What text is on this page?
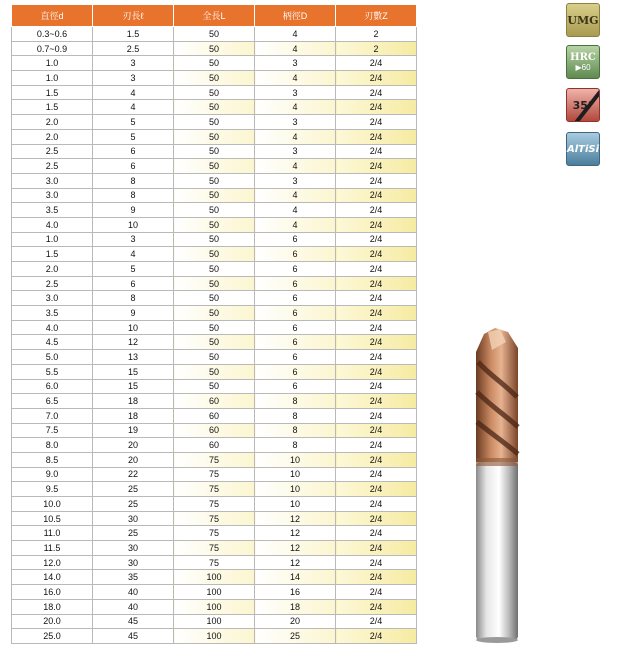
直徑d	刃長ℓ	全長L	柄徑D	刃數Z
0.3~0.6	1.5	50	4	2
0.7~0.9	2.5	50	4	2
1.0	3	50	3	2/4
1.0	3	50	4	2/4
1.5	4	50	3	2/4
1.5	4	50	4	2/4
2.0	5	50	3	2/4
2.0	5	50	4	2/4
2.5	6	50	3	2/4
2.5	6	50	4	2/4
3.0	8	50	3	2/4
3.0	8	50	4	2/4
3.5	9	50	4	2/4
4.0	10	50	4	2/4
1.0	3	50	6	2/4
1.5	4	50	6	2/4
2.0	5	50	6	2/4
2.5	6	50	6	2/4
3.0	8	50	6	2/4
3.5	9	50	6	2/4
4.0	10	50	6	2/4
4.5	12	50	6	2/4
5.0	13	50	6	2/4
5.5	15	50	6	2/4
6.0	15	50	6	2/4
6.5	18	60	8	2/4
7.0	18	60	8	2/4
7.5	19	60	8	2/4
8.0	20	60	8	2/4
8.5	20	75	10	2/4
9.0	22	75	10	2/4
9.5	25	75	10	2/4
10.0	25	75	10	2/4
10.5	30	75	12	2/4
11.0	25	75	12	2/4
11.5	30	75	12	2/4
12.0	30	75	12	2/4
14.0	35	100	14	2/4
16.0	40	100	16	2/4
18.0	40	100	18	2/4
20.0	45	100	20	2/4
25.0	45	100	25	2/4
UMG
HRC
▶60
35°
AlTiSi
